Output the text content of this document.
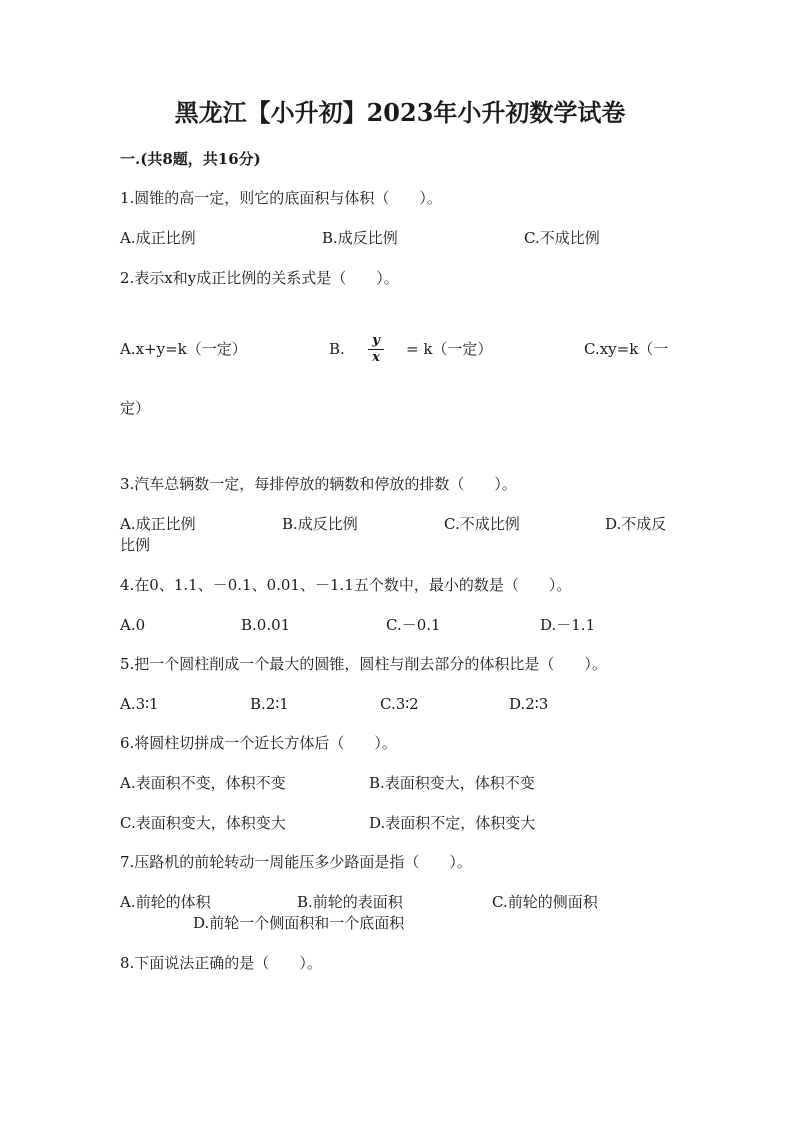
黑龙江【小升初】2023年小升初数学试卷
一.(共8题，共16分)
1.圆锥的高一定，则它的底面积与体积（　　）。
A.成正比例	B.成反比例	C.不成比例
2.表示x和y成正比例的关系式是（　　）。
A.x+y=k（一定）	B.	y
x = k（一定）	C.xy=k（一
定）
3.汽车总辆数一定，每排停放的辆数和停放的排数（　　）。
A.成正比例	B.成反比例	C.不成比例	D.不成反
比例
4.在0、1.1、－0.1、0.01、－1.1五个数中，最小的数是（　　）。
A.0	B.0.01	C.－0.1	D.－1.1
5.把一个圆柱削成一个最大的圆锥，圆柱与削去部分的体积比是（　　）。
A.3∶1	B.2∶1	C.3∶2	D.2∶3
6.将圆柱切拼成一个近长方体后（　　）。
A.表面积不变，体积不变	B.表面积变大，体积不变
C.表面积变大，体积变大	D.表面积不定，体积变大
7.压路机的前轮转动一周能压多少路面是指（　　）。
A.前轮的体积	B.前轮的表面积	C.前轮的侧面积
D.前轮一个侧面积和一个底面积
8.下面说法正确的是（　　）。
